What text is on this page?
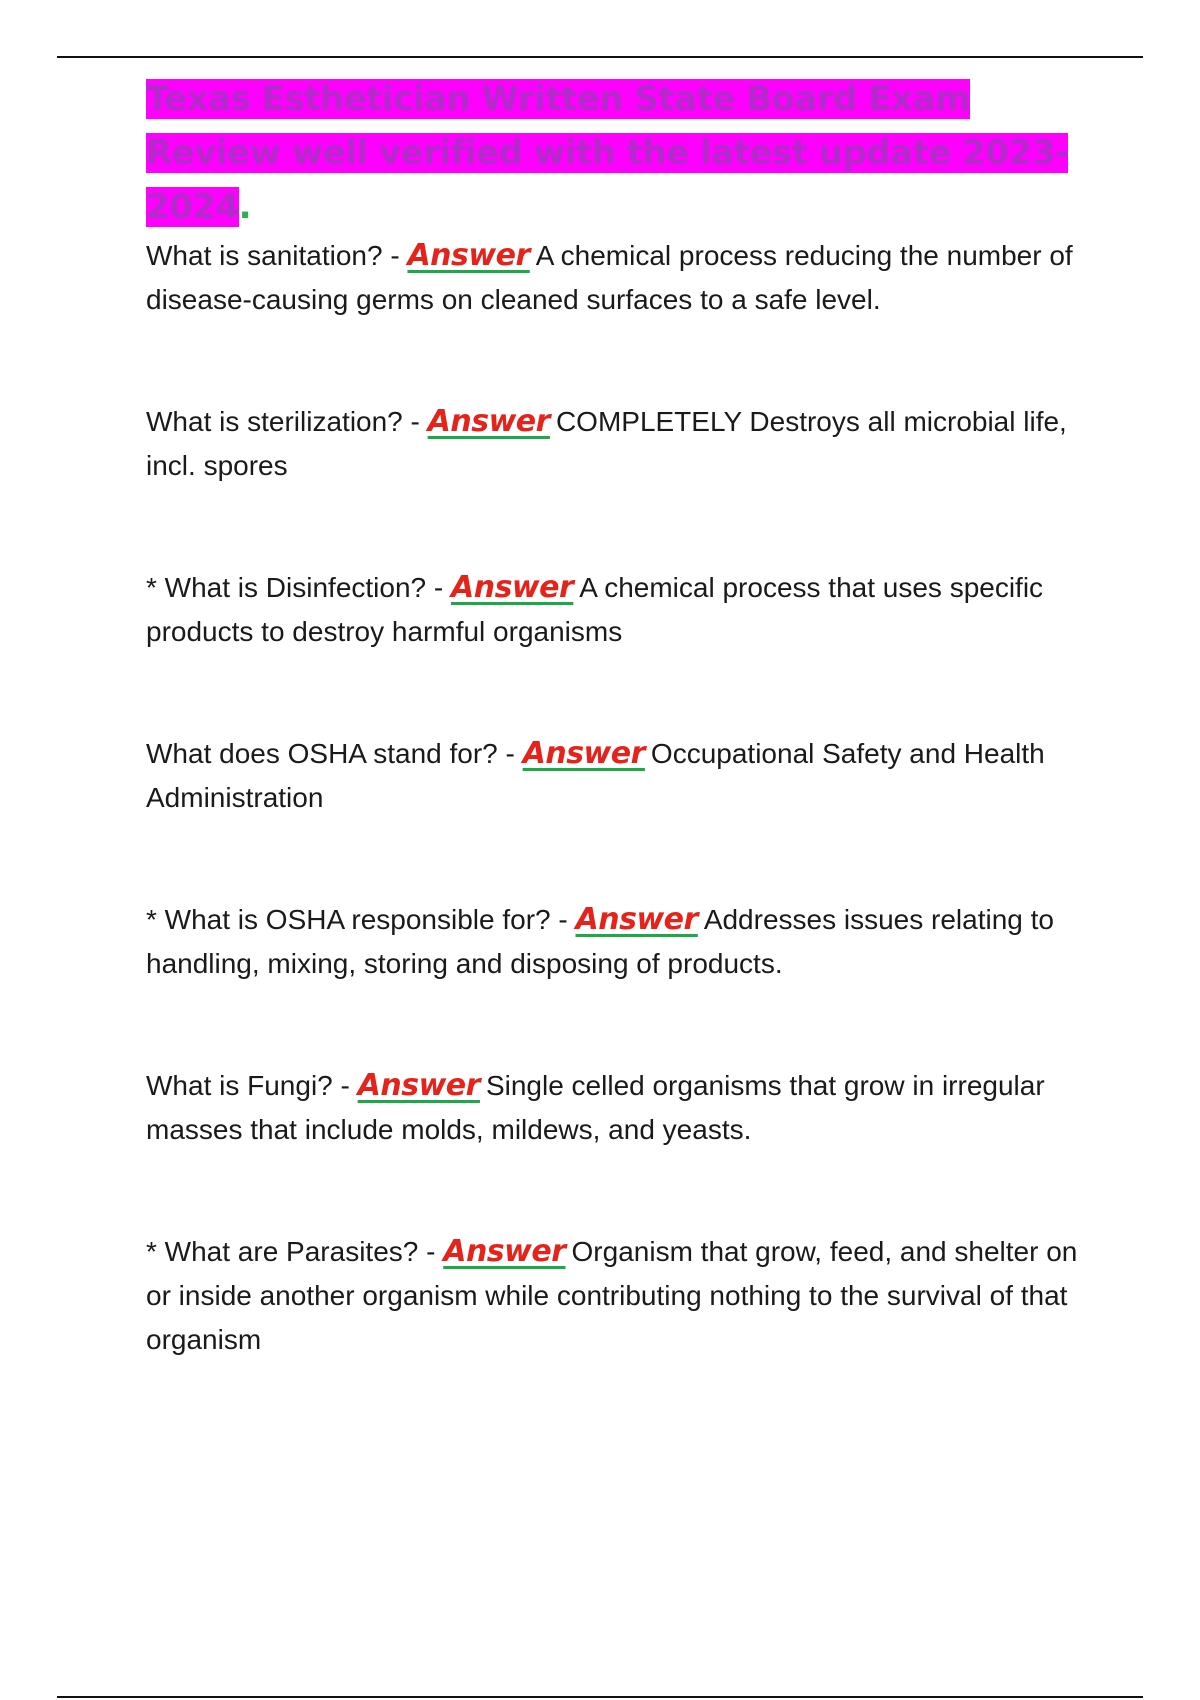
Texas Esthetician Written State Board Exam Review well verified with the latest update 2023-2024.

What is sanitation? - Answer A chemical process reducing the number of disease-causing germs on cleaned surfaces to a safe level.

What is sterilization? - Answer COMPLETELY Destroys all microbial life, incl. spores

* What is Disinfection? - Answer A chemical process that uses specific products to destroy harmful organisms

What does OSHA stand for? - Answer Occupational Safety and Health Administration

* What is OSHA responsible for? - Answer Addresses issues relating to handling, mixing, storing and disposing of products.

What is Fungi? - Answer Single celled organisms that grow in irregular masses that include molds, mildews, and yeasts.

* What are Parasites? - Answer Organism that grow, feed, and shelter on or inside another organism while contributing nothing to the survival of that organism
